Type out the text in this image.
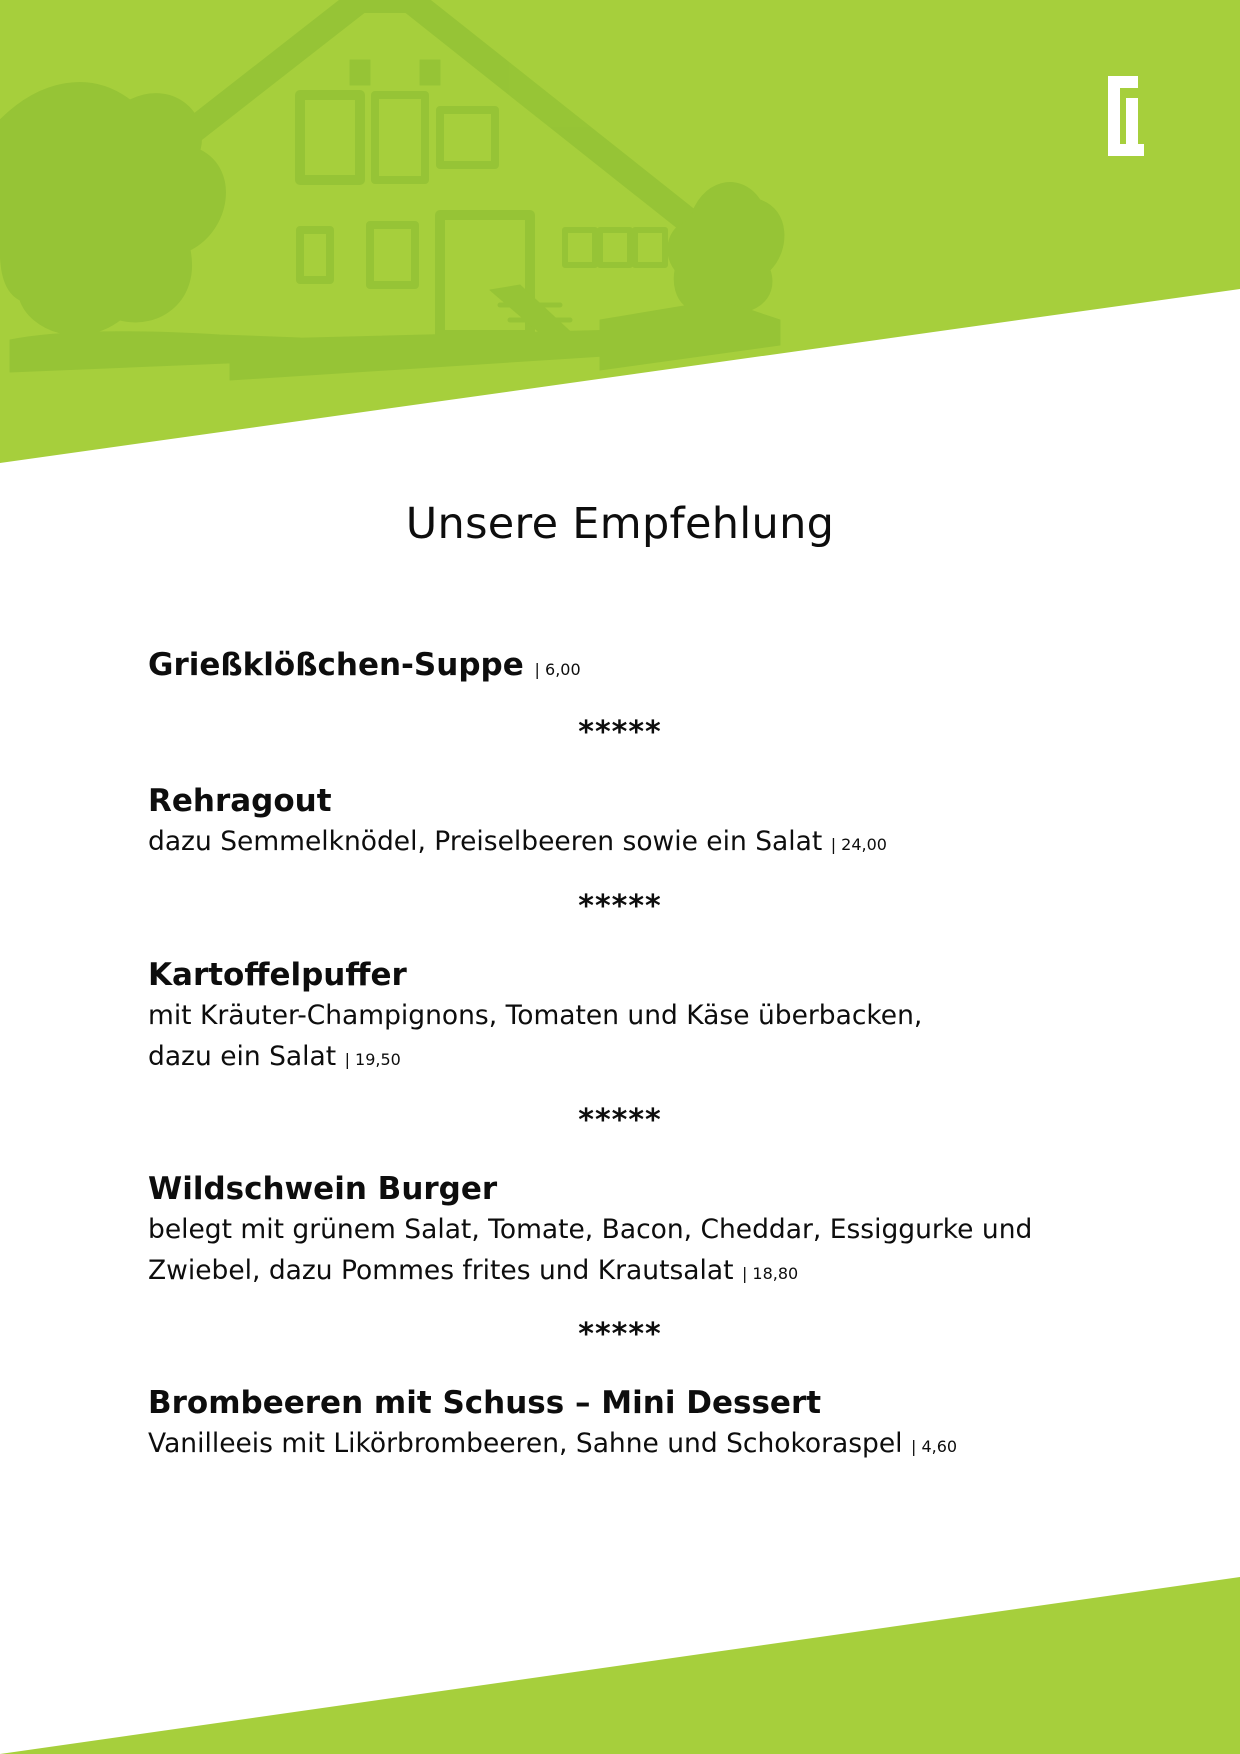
Unsere Empfehlung
Grießklößchen-Suppe | 6,00
*****
Rehragout
dazu Semmelknödel, Preiselbeeren sowie ein Salat | 24,00
*****
Kartoffelpuffer
mit Kräuter-Champignons, Tomaten und Käse überbacken,
dazu ein Salat | 19,50
*****
Wildschwein Burger
belegt mit grünem Salat, Tomate, Bacon, Cheddar, Essiggurke und
Zwiebel, dazu Pommes frites und Krautsalat | 18,80
*****
Brombeeren mit Schuss – Mini Dessert
Vanilleeis mit Likörbrombeeren, Sahne und Schokoraspel | 4,60
